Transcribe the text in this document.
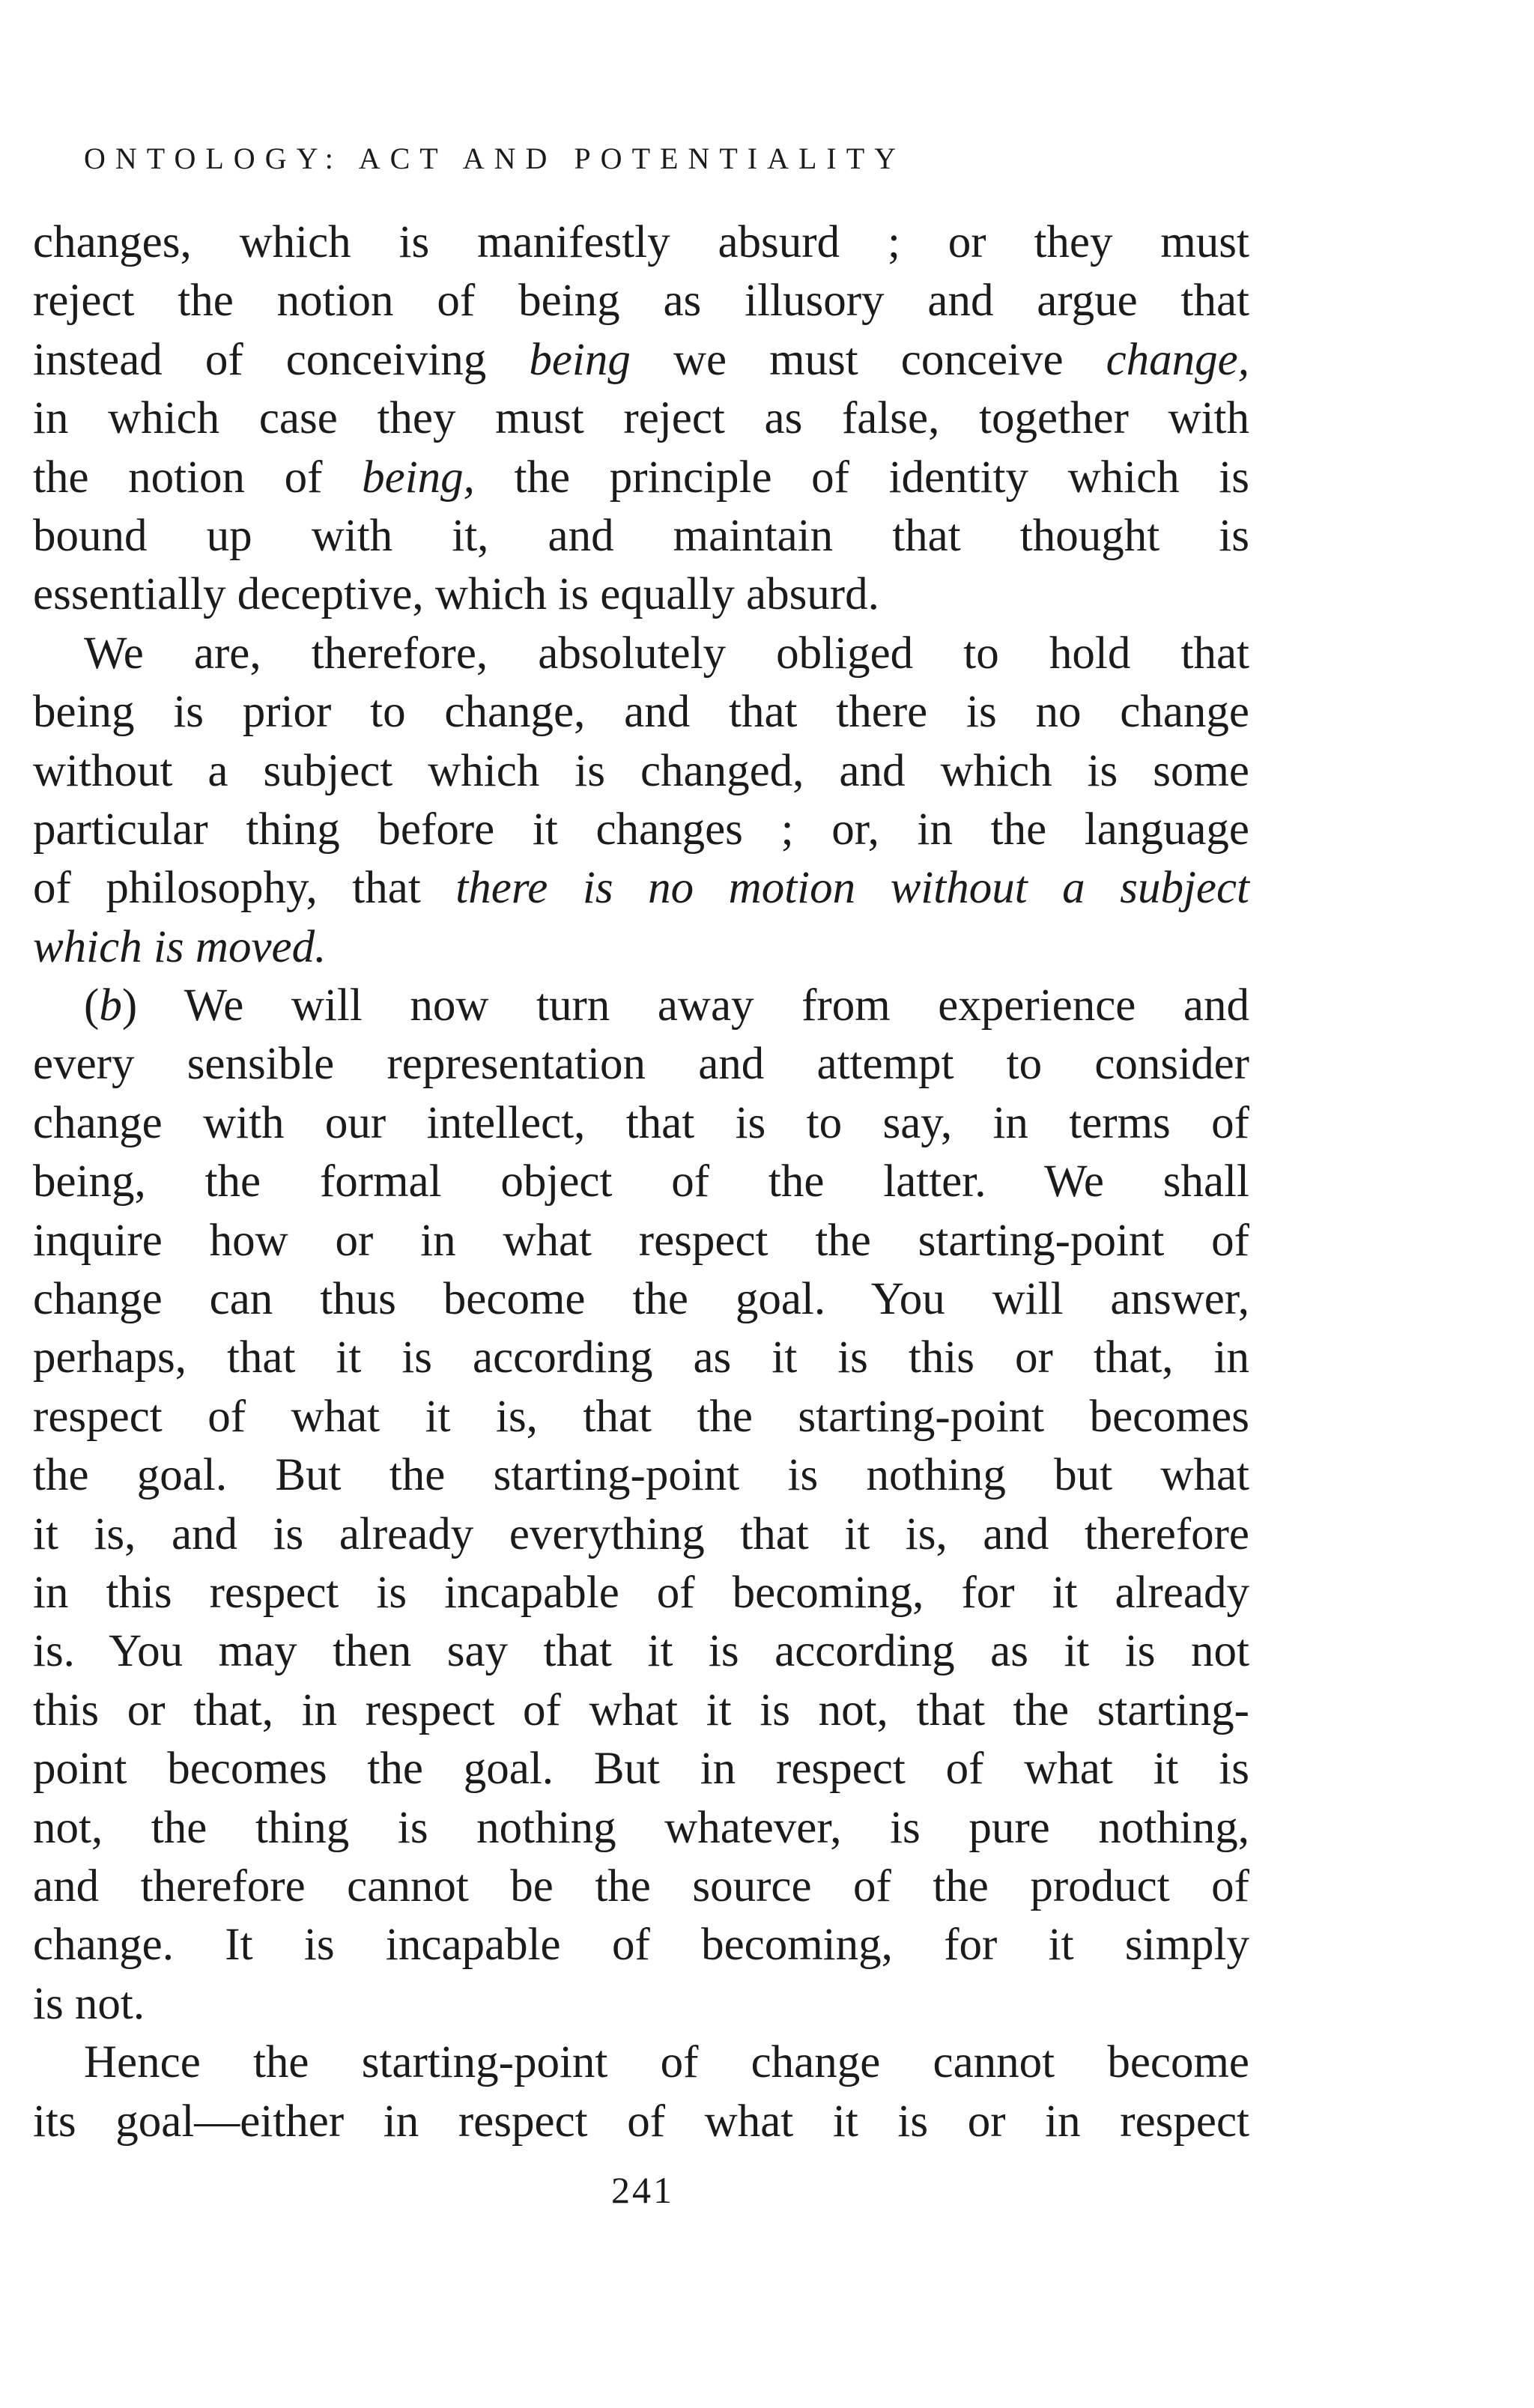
ONTOLOGY: ACT AND POTENTIALITY
changes, which is manifestly absurd ; or they must
reject the notion of being as illusory and argue that
instead of conceiving being we must conceive change,
in which case they must reject as false, together with
the notion of being, the principle of identity which is
bound up with it, and maintain that thought is
essentially deceptive, which is equally absurd.
We are, therefore, absolutely obliged to hold that
being is prior to change, and that there is no change
without a subject which is changed, and which is some
particular thing before it changes ; or, in the language
of philosophy, that there is no motion without a subject
which is moved.
(b) We will now turn away from experience and
every sensible representation and attempt to consider
change with our intellect, that is to say, in terms of
being, the formal object of the latter. We shall
inquire how or in what respect the starting-point of
change can thus become the goal. You will answer,
perhaps, that it is according as it is this or that, in
respect of what it is, that the starting-point becomes
the goal. But the starting-point is nothing but what
it is, and is already everything that it is, and therefore
in this respect is incapable of becoming, for it already
is. You may then say that it is according as it is not
this or that, in respect of what it is not, that the starting-
point becomes the goal. But in respect of what it is
not, the thing is nothing whatever, is pure nothing,
and therefore cannot be the source of the product of
change. It is incapable of becoming, for it simply
is not.
Hence the starting-point of change cannot become
its goal—either in respect of what it is or in respect
241
